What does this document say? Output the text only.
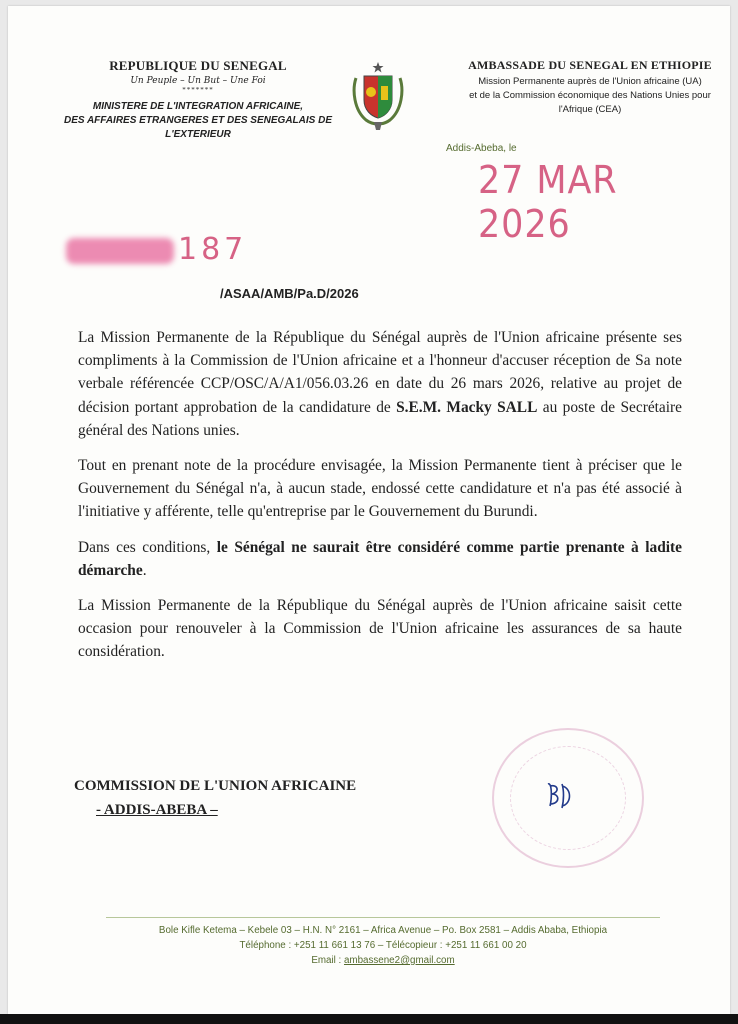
REPUBLIQUE DU SENEGAL
Un Peuple – Un But – Une Foi
*******
MINISTERE DE L'INTEGRATION AFRICAINE,
DES AFFAIRES ETRANGERES ET DES SENEGALAIS DE L'EXTERIEUR
AMBASSADE DU SENEGAL EN ETHIOPIE
Mission Permanente auprès de l'Union africaine (UA)
et de la Commission économique des Nations Unies pour
l'Afrique (CEA)
Addis-Abeba, le
27 MAR 2026
187
/ASAA/AMB/Pa.D/2026

La Mission Permanente de la République du Sénégal auprès de l'Union africaine présente ses compliments à la Commission de l'Union africaine et a l'honneur d'accuser réception de Sa note verbale référencée CCP/OSC/A/A1/056.03.26 en date du 26 mars 2026, relative au projet de décision portant approbation de la candidature de S.E.M. Macky SALL au poste de Secrétaire général des Nations unies.

Tout en prenant note de la procédure envisagée, la Mission Permanente tient à préciser que le Gouvernement du Sénégal n'a, à aucun stade, endossé cette candidature et n'a pas été associé à l'initiative y afférente, telle qu'entreprise par le Gouvernement du Burundi.

Dans ces conditions, le Sénégal ne saurait être considéré comme partie prenante à ladite démarche.

La Mission Permanente de la République du Sénégal auprès de l'Union africaine saisit cette occasion pour renouveler à la Commission de l'Union africaine les assurances de sa haute considération.

COMMISSION DE L'UNION AFRICAINE
- ADDIS-ABEBA –
Bole Kifle Ketema – Kebele 03 – H.N. N° 2161 – Africa Avenue – Po. Box 2581 – Addis Ababa, Ethiopia
Téléphone : +251 11 661 13 76 – Télécopieur : +251 11 661 00 20
Email : ambassene2@gmail.com
